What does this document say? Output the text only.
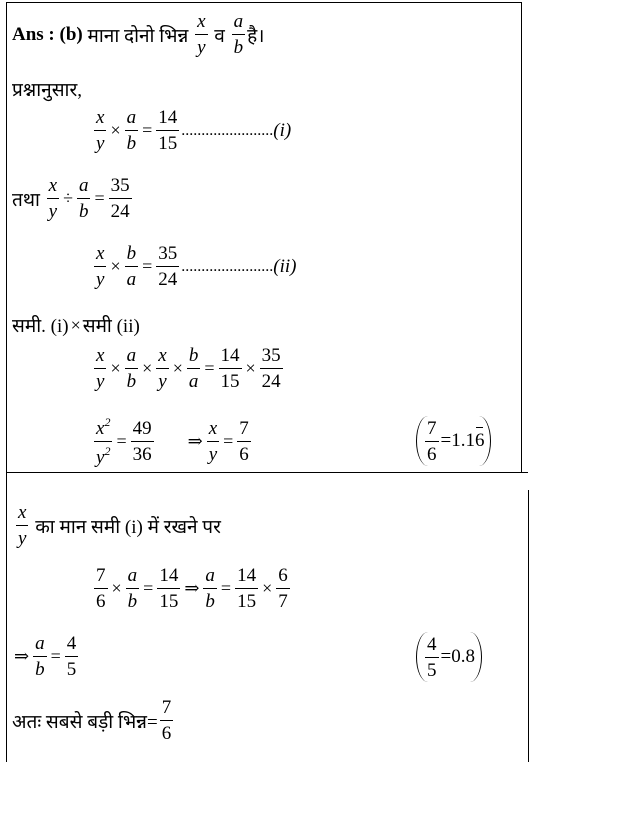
Ans :
(b)
माना दोनो भिन्न
$\frac{x}{y}$
व
$\frac{a}{b}$ है।
प्रश्नानुसार,
$\frac{x}{y} \times \frac{a}{b} = \frac{14}{15}$ ....................... (i)
तथा
$\frac{x}{y} \div \frac{a}{b} = \frac{35}{24}$
$\frac{x}{y} \times \frac{b}{a} = \frac{35}{24}$ ....................... (ii)
समी. (i) × समी (ii)
$\frac{x}{y} \times \frac{a}{b} \times \frac{x}{y} \times \frac{b}{a} = \frac{14}{15} \times \frac{35}{24}$
$\frac{x^2}{y^2} = \frac{49}{36}$ ⇒ $\frac{x}{y} = \frac{7}{6}$	$\frac{7}{6} = 1.1$ 6
$\frac{x}{y}$
का मान समी (i) में रखने पर
$\frac{7}{6} \times \frac{a}{b} = \frac{14}{15}$ ⇒ $\frac{a}{b} = \frac{14}{15} \times \frac{6}{7}$
⇒ $\frac{a}{b} = \frac{4}{5}$	$\frac{4}{5} = 0.8$
अतः सबसे बड़ी भिन्न= $\frac{7}{6}$
